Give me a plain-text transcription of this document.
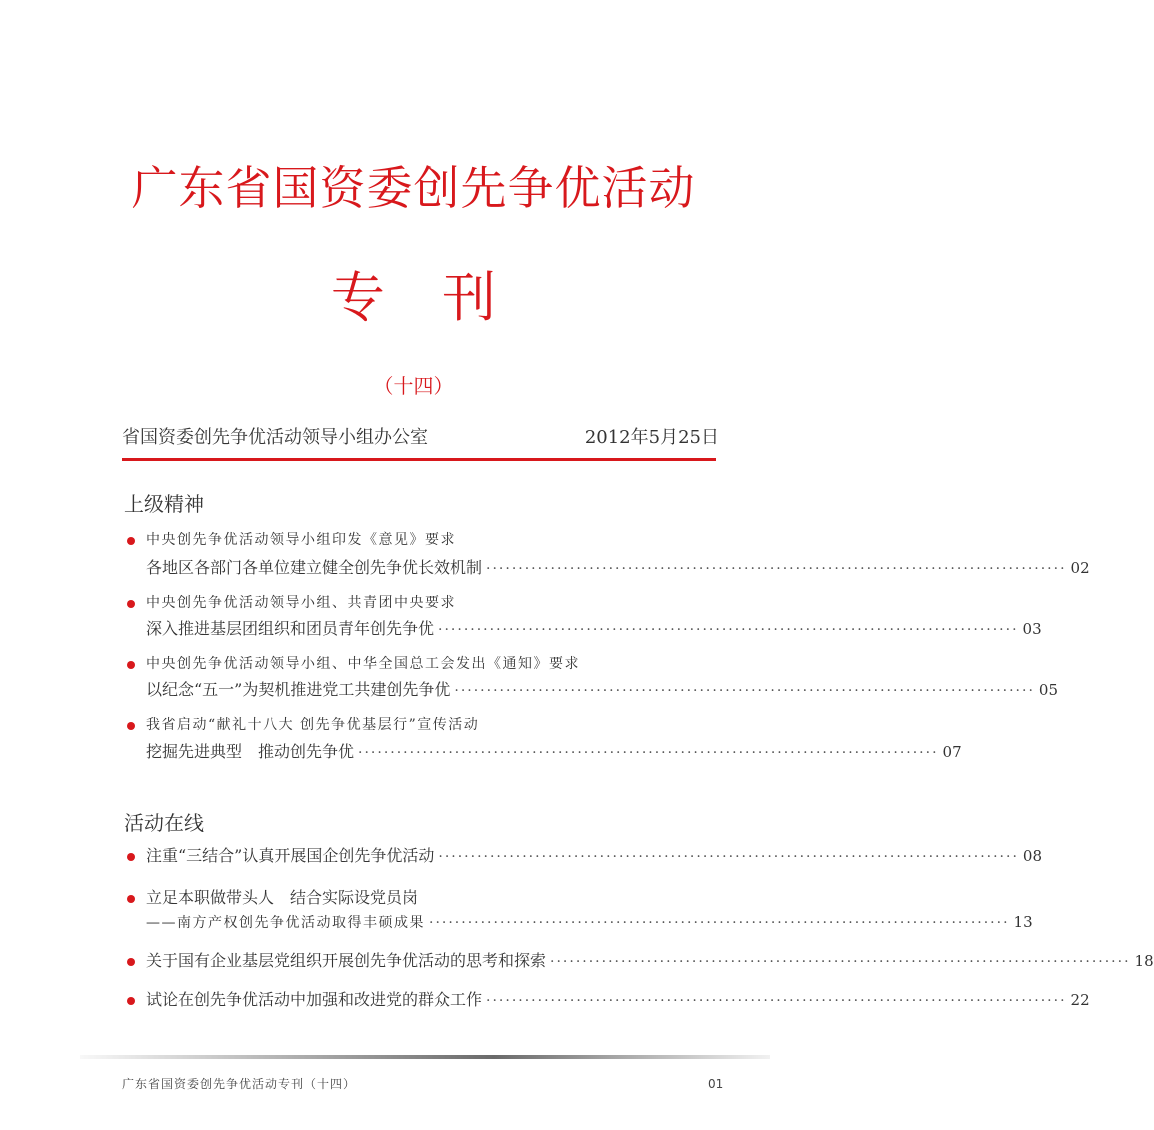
广东省国资委创先争优活动
专 刊
（十四）
省国资委创先争优活动领导小组办公室	2012年5月25日
上级精神
中央创先争优活动领导小组印发《意见》要求
各地区各部门各单位建立健全创先争优长效机制 ·························································································· 02
中央创先争优活动领导小组、共青团中央要求
深入推进基层团组织和团员青年创先争优 ·························································································· 03
中央创先争优活动领导小组、中华全国总工会发出《通知》要求
以纪念“五一”为契机推进党工共建创先争优 ·························································································· 05
我省启动“献礼十八大 创先争优基层行”宣传活动
挖掘先进典型　推动创先争优 ·························································································· 07
活动在线
注重“三结合”认真开展国企创先争优活动 ·························································································· 08
立足本职做带头人　结合实际设党员岗
——南方产权创先争优活动取得丰硕成果 ·························································································· 13
关于国有企业基层党组织开展创先争优活动的思考和探索 ·························································································· 18
试论在创先争优活动中加强和改进党的群众工作 ·························································································· 22
广东省国资委创先争优活动专刊（十四）	01
